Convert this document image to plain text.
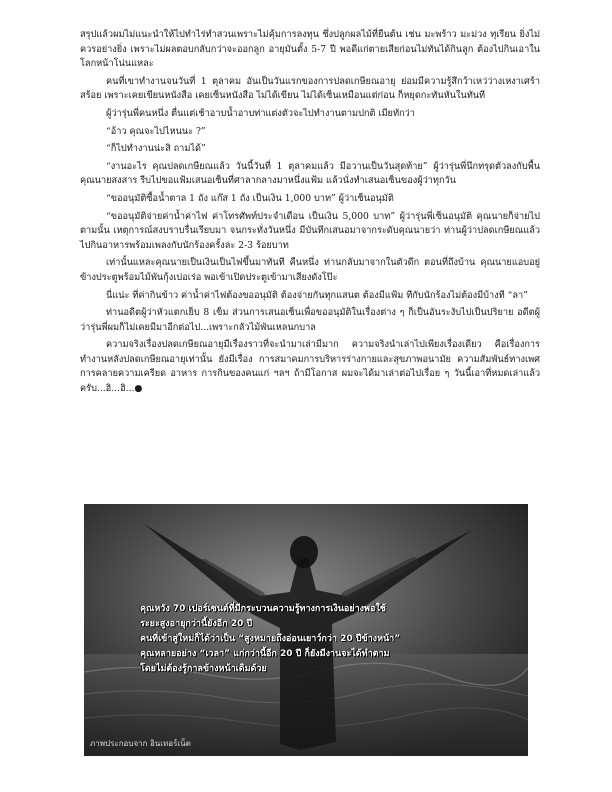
สรุปแล้วผมไม่แนะนำให้ไปทำไร่ทำสวนเพราะไม่คุ้มการลงทุน ซึ่งปลูกผลไม้ที่ยืนต้น เช่น มะพร้าว มะม่วง ทุเรียน ยิ่งไม่ควรอย่างยิ่ง เพราะไม่ผลตอบกลับกว่าจะออกลูก อายุมันตั้ง 5-7 ปี พอดีแก่ตายเสียก่อนไม่ทันได้กินลูก ต้องไปกินเอาในโลกหน้าโน่นแหละ

คนที่เขาทำงานจนวันที่ 1 ตุลาคม อันเป็นวันแรกของการปลดเกษียณอายุ ย่อมมีความรู้สึกว้าเหว่ว่างเหงาเศร้าสร้อย เพราะเคยเขียนหนังสือ เคยเซ็นหนังสือ ไม่ได้เขียน ไม่ได้เซ็นเหมือนแต่ก่อน ก็หยุดกะทันหันในทันที

ผู้ว่ารุ่นพี่คนหนึ่ง ตื่นแต่เช้าอาบน้ำอาบท่าแต่งตัวจะไปทำงานตามปกติ เมียทักว่า

“อ้าว คุณจะไปไหนนะ ?”

“ก็ไปทำงานน่ะสิ ถามได้”

“งานอะไร คุณปลดเกษียณแล้ว วันนี้วันที่ 1 ตุลาคมแล้ว มีอวานเป็นวันสุดท้าย” ผู้ว่ารุ่นพี่นึกทรุดตัวลงกับพื้น คุณนายสงสาร รีบไปขอแฟ้มเสนอเซ็นที่ศาลากลางมาหนึ่งแฟ้ม แล้วนั่งทำเสนอเซ็นของผู้ว่าทุกวัน

“ขออนุมัติซื้อน้ำตาล 1 ถัง แก๊ส 1 ถัง เป็นเงิน 1,000 บาท” ผู้ว่าเซ็นอนุมัติ

“ขออนุมัติจ่ายค่าน้ำค่าไฟ ค่าโทรศัพท์ประจำเดือน เป็นเงิน 5,000 บาท” ผู้ว่ารุ่นพี่เซ็นอนุมัติ คุณนายก็จ่ายไปตามนั้น เหตุการณ์สงบราบรื่นเรียบมา จนกระทั่งวันหนึ่ง มีบันทึกเสนอมาจากระดับคุณนายว่า ท่านผู้ว่าปลดเกษียณแล้ว ไปกินอาหารพร้อมเพลงกับนักร้องครั้งละ 2-3 ร้อยบาท

เท่านั้นแหละคุณนายเป็นเงินเป็นไฟขึ้นมาทันที คืนหนึ่ง ท่านกลับมาจากในตัวดึก ตอนที่ถึงบ้าน คุณนายแอบอยู่ข้างประตูพร้อมไม้พันกุ้งเบ่อเร่อ พอเข้าเปิดประตูเข้ามาเสียงดังโป๊ะ

นี่แน่ะ ที่ค่ากินข้าว ค่าน้ำค่าไฟต้องขออนุมัติ ต้องจ่ายกันทุกแสนต ต้องมีแฟ้ม ทีกับนักร้องไม่ต้องมีบ้างที “ลา”

ท่านอดีตผู้ว่าหัวแตกเย็บ 8 เข็ม ส่วนการเสนอเซ็นเพื่อขออนุมัติในเรื่องต่าง ๆ ก็เป็นอันระงับไปเป็นปริยาย อดีตผู้ว่ารุ่นพี่ผมก็ไม่เคยมีมาอีกต่อไป...เพราะกลัวไม้พันเหลนกบาล

ความจริงเรื่องปลดเกษียณอายุมีเรื่องราวที่จะนำมาเล่ามีมาก ความจริงนำเล่าไปเพียงเรื่องเดียว คือเรื่องการทำงานหลังปลดเกษียณอายุเท่านั้น ยังมีเรื่อง การสมาคมการบริหารร่างกายและสุขภาพอนามัย ความสัมพันธ์ทางเพศ การคลายความเครียด อาหาร การกินของคนแก่ ฯลฯ ถ้ามีโอกาส ผมจะได้มาเล่าต่อไปเรื่อย ๆ วันนี้เอาที่หมดเล่าแล้วครับ...ฮิ...ฮิ...●

คุณหวัง 70 เปอร์เซนต์ที่มีกระบวนความรู้ทางการเงินอย่างพอใช้
ระยะสูงอายุกว่านี้ยังอีก 20 ปี
คนที่เข้าสู่ใหม่ก็ได้ว่าเป็น “สูงหมายถึงอ่อนเยาว์กว่า 20 ปีข้างหน้า”
คุณหลายอย่าง “เวลา” แก่กว่านี้อีก 20 ปี ก็ยังมีงานจะได้ทำตาม
โดยไม่ต้องรู้กาลข้างหน้าเดิมด้วย
ภาพประกอบจาก อินเทอร์เน็ต
